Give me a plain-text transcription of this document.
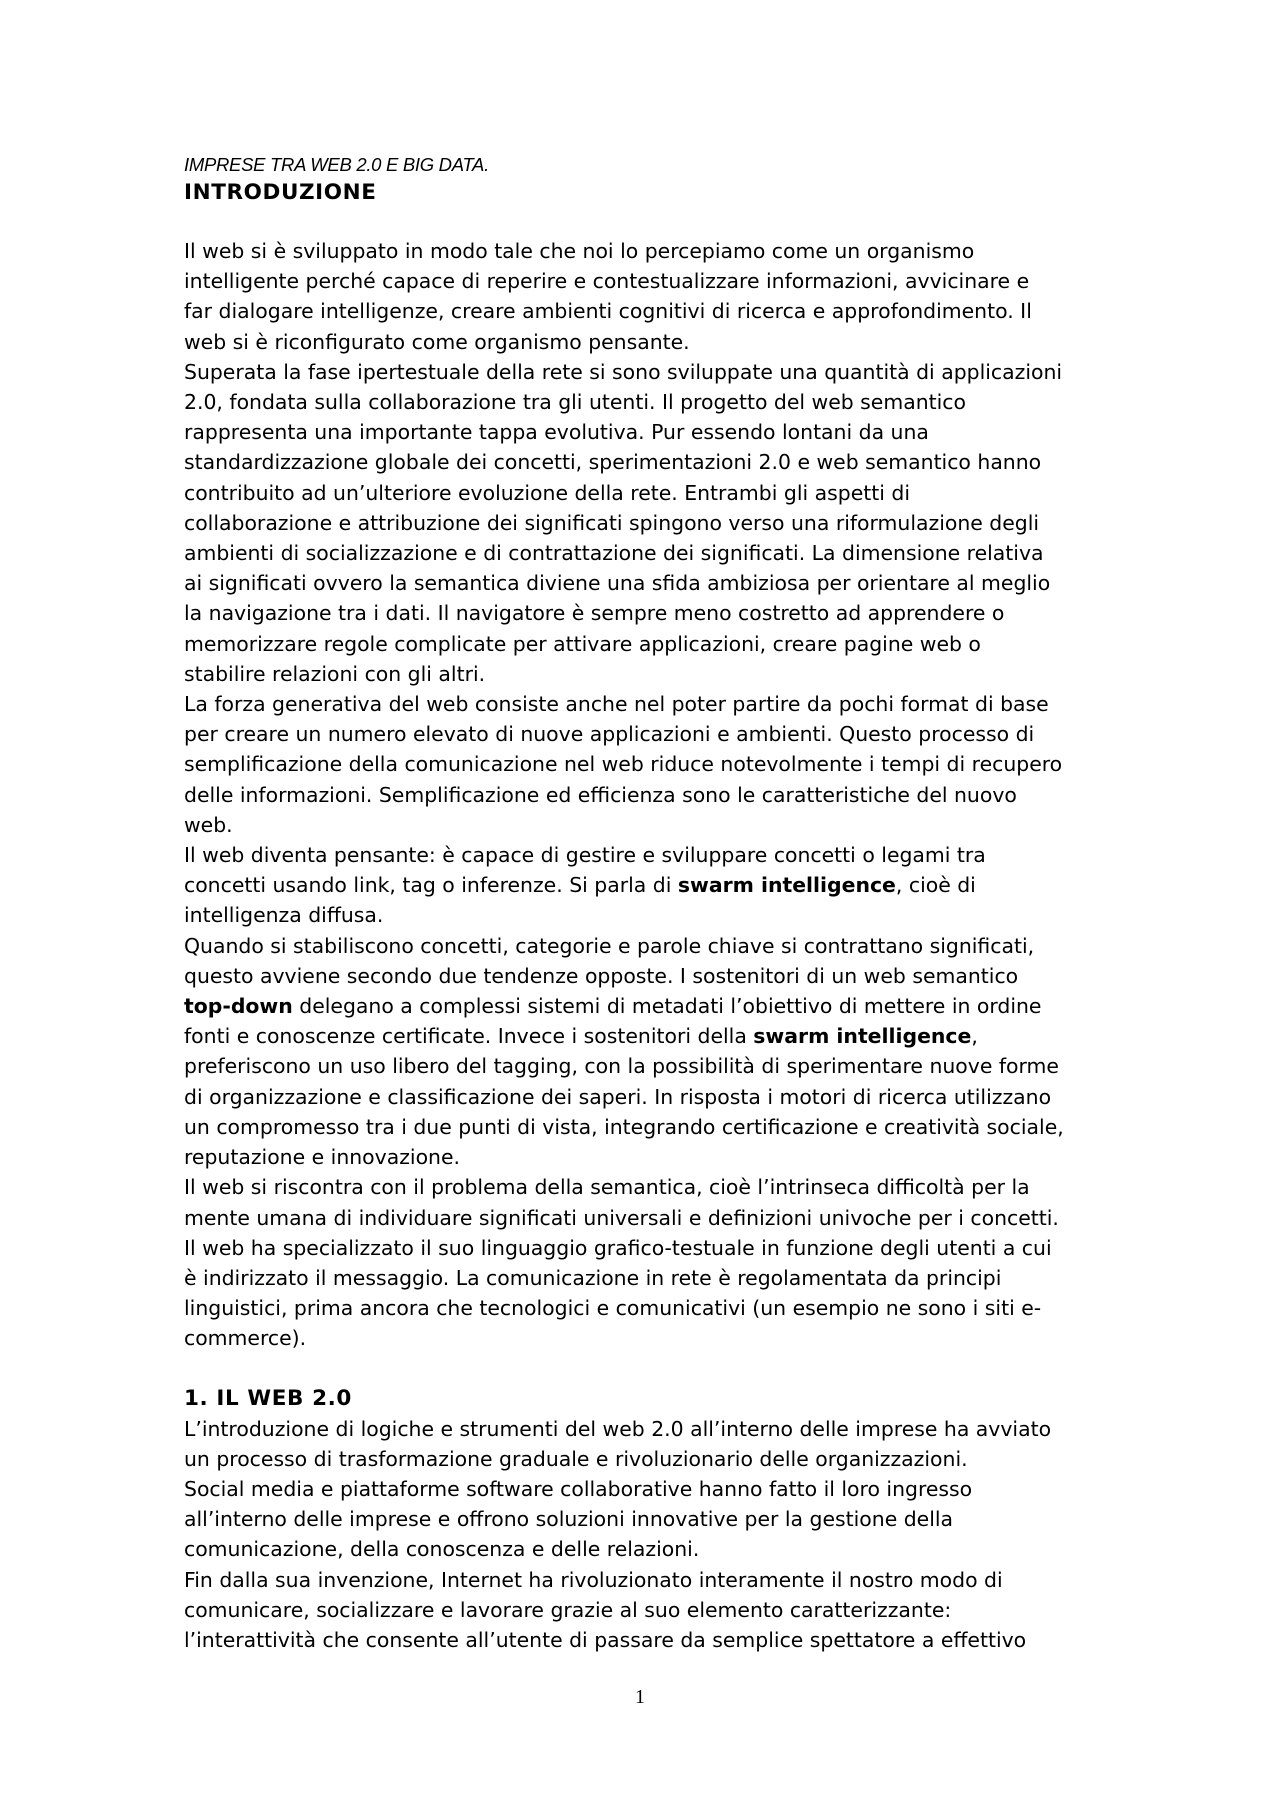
IMPRESE TRA WEB 2.0 E BIG DATA.
INTRODUZIONE
Il web si è sviluppato in modo tale che noi lo percepiamo come un organismo
intelligente perché capace di reperire e contestualizzare informazioni, avvicinare e
far dialogare intelligenze, creare ambienti cognitivi di ricerca e approfondimento. Il
web si è riconfigurato come organismo pensante.
Superata la fase ipertestuale della rete si sono sviluppate una quantità di applicazioni
2.0, fondata sulla collaborazione tra gli utenti. Il progetto del web semantico
rappresenta una importante tappa evolutiva. Pur essendo lontani da una
standardizzazione globale dei concetti, sperimentazioni 2.0 e web semantico hanno
contribuito ad un’ulteriore evoluzione della rete. Entrambi gli aspetti di
collaborazione e attribuzione dei significati spingono verso una riformulazione degli
ambienti di socializzazione e di contrattazione dei significati. La dimensione relativa
ai significati ovvero la semantica diviene una sfida ambiziosa per orientare al meglio
la navigazione tra i dati. Il navigatore è sempre meno costretto ad apprendere o
memorizzare regole complicate per attivare applicazioni, creare pagine web o
stabilire relazioni con gli altri.
La forza generativa del web consiste anche nel poter partire da pochi format di base
per creare un numero elevato di nuove applicazioni e ambienti. Questo processo di
semplificazione della comunicazione nel web riduce notevolmente i tempi di recupero
delle informazioni. Semplificazione ed efficienza sono le caratteristiche del nuovo
web.
Il web diventa pensante: è capace di gestire e sviluppare concetti o legami tra
concetti usando link, tag o inferenze. Si parla di swarm intelligence, cioè di
intelligenza diffusa.
Quando si stabiliscono concetti, categorie e parole chiave si contrattano significati,
questo avviene secondo due tendenze opposte. I sostenitori di un web semantico
top-down delegano a complessi sistemi di metadati l’obiettivo di mettere in ordine
fonti e conoscenze certificate. Invece i sostenitori della swarm intelligence,
preferiscono un uso libero del tagging, con la possibilità di sperimentare nuove forme
di organizzazione e classificazione dei saperi. In risposta i motori di ricerca utilizzano
un compromesso tra i due punti di vista, integrando certificazione e creatività sociale,
reputazione e innovazione.
Il web si riscontra con il problema della semantica, cioè l’intrinseca difficoltà per la
mente umana di individuare significati universali e definizioni univoche per i concetti.
Il web ha specializzato il suo linguaggio grafico-testuale in funzione degli utenti a cui
è indirizzato il messaggio. La comunicazione in rete è regolamentata da principi
linguistici, prima ancora che tecnologici e comunicativi (un esempio ne sono i siti e-
commerce).
1. IL WEB 2.0
L’introduzione di logiche e strumenti del web 2.0 all’interno delle imprese ha avviato
un processo di trasformazione graduale e rivoluzionario delle organizzazioni.
Social media e piattaforme software collaborative hanno fatto il loro ingresso
all’interno delle imprese e offrono soluzioni innovative per la gestione della
comunicazione, della conoscenza e delle relazioni.
Fin dalla sua invenzione, Internet ha rivoluzionato interamente il nostro modo di
comunicare, socializzare e lavorare grazie al suo elemento caratterizzante:
l’interattività che consente all’utente di passare da semplice spettatore a effettivo
1
